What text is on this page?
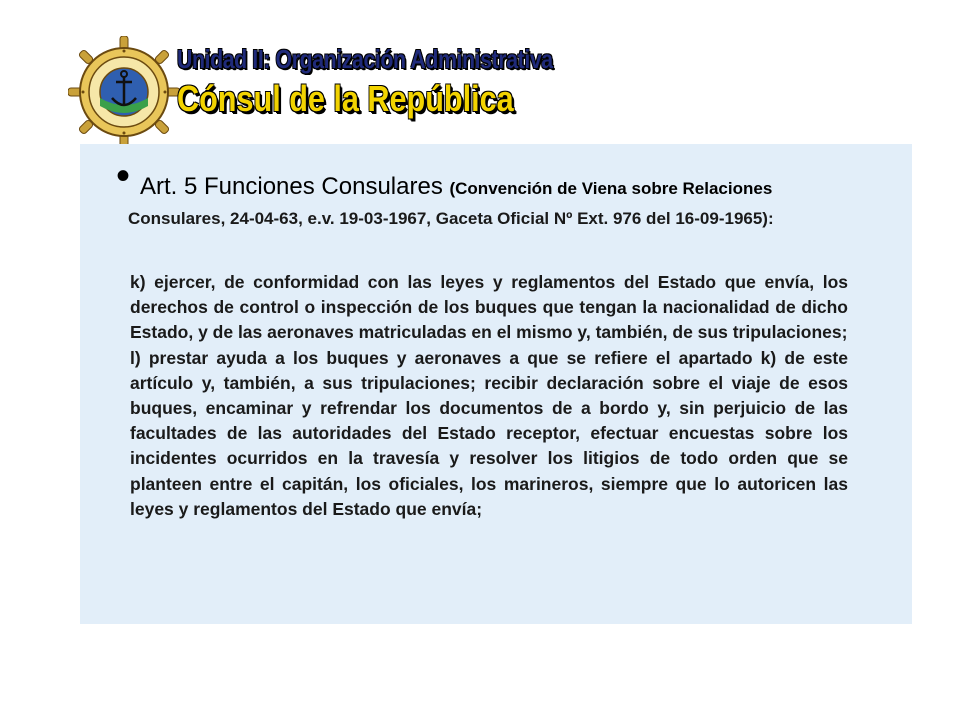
Unidad II: Organización Administrativa
Cónsul de la República
• Art. 5 Funciones Consulares (Convención de Viena sobre Relaciones
Consulares, 24-04-63, e.v. 19-03-1967, Gaceta Oficial Nº Ext. 976 del 16-09-1965):

k) ejercer, de conformidad con las leyes y reglamentos del Estado que envía, los derechos de control o inspección de los buques que tengan la nacionalidad de dicho Estado, y de las aeronaves matriculadas en el mismo y, también, de sus tripulaciones;

l) prestar ayuda a los buques y aeronaves a que se refiere el apartado k) de este artículo y, también, a sus tripulaciones; recibir declaración sobre el viaje de esos buques, encaminar y refrendar los documentos de a bordo y, sin perjuicio de las facultades de las autoridades del Estado receptor, efectuar encuestas sobre los incidentes ocurridos en la travesía y resolver los litigios de todo orden que se planteen entre el capitán, los oficiales, los marineros, siempre que lo autoricen las leyes y reglamentos del Estado que envía;
